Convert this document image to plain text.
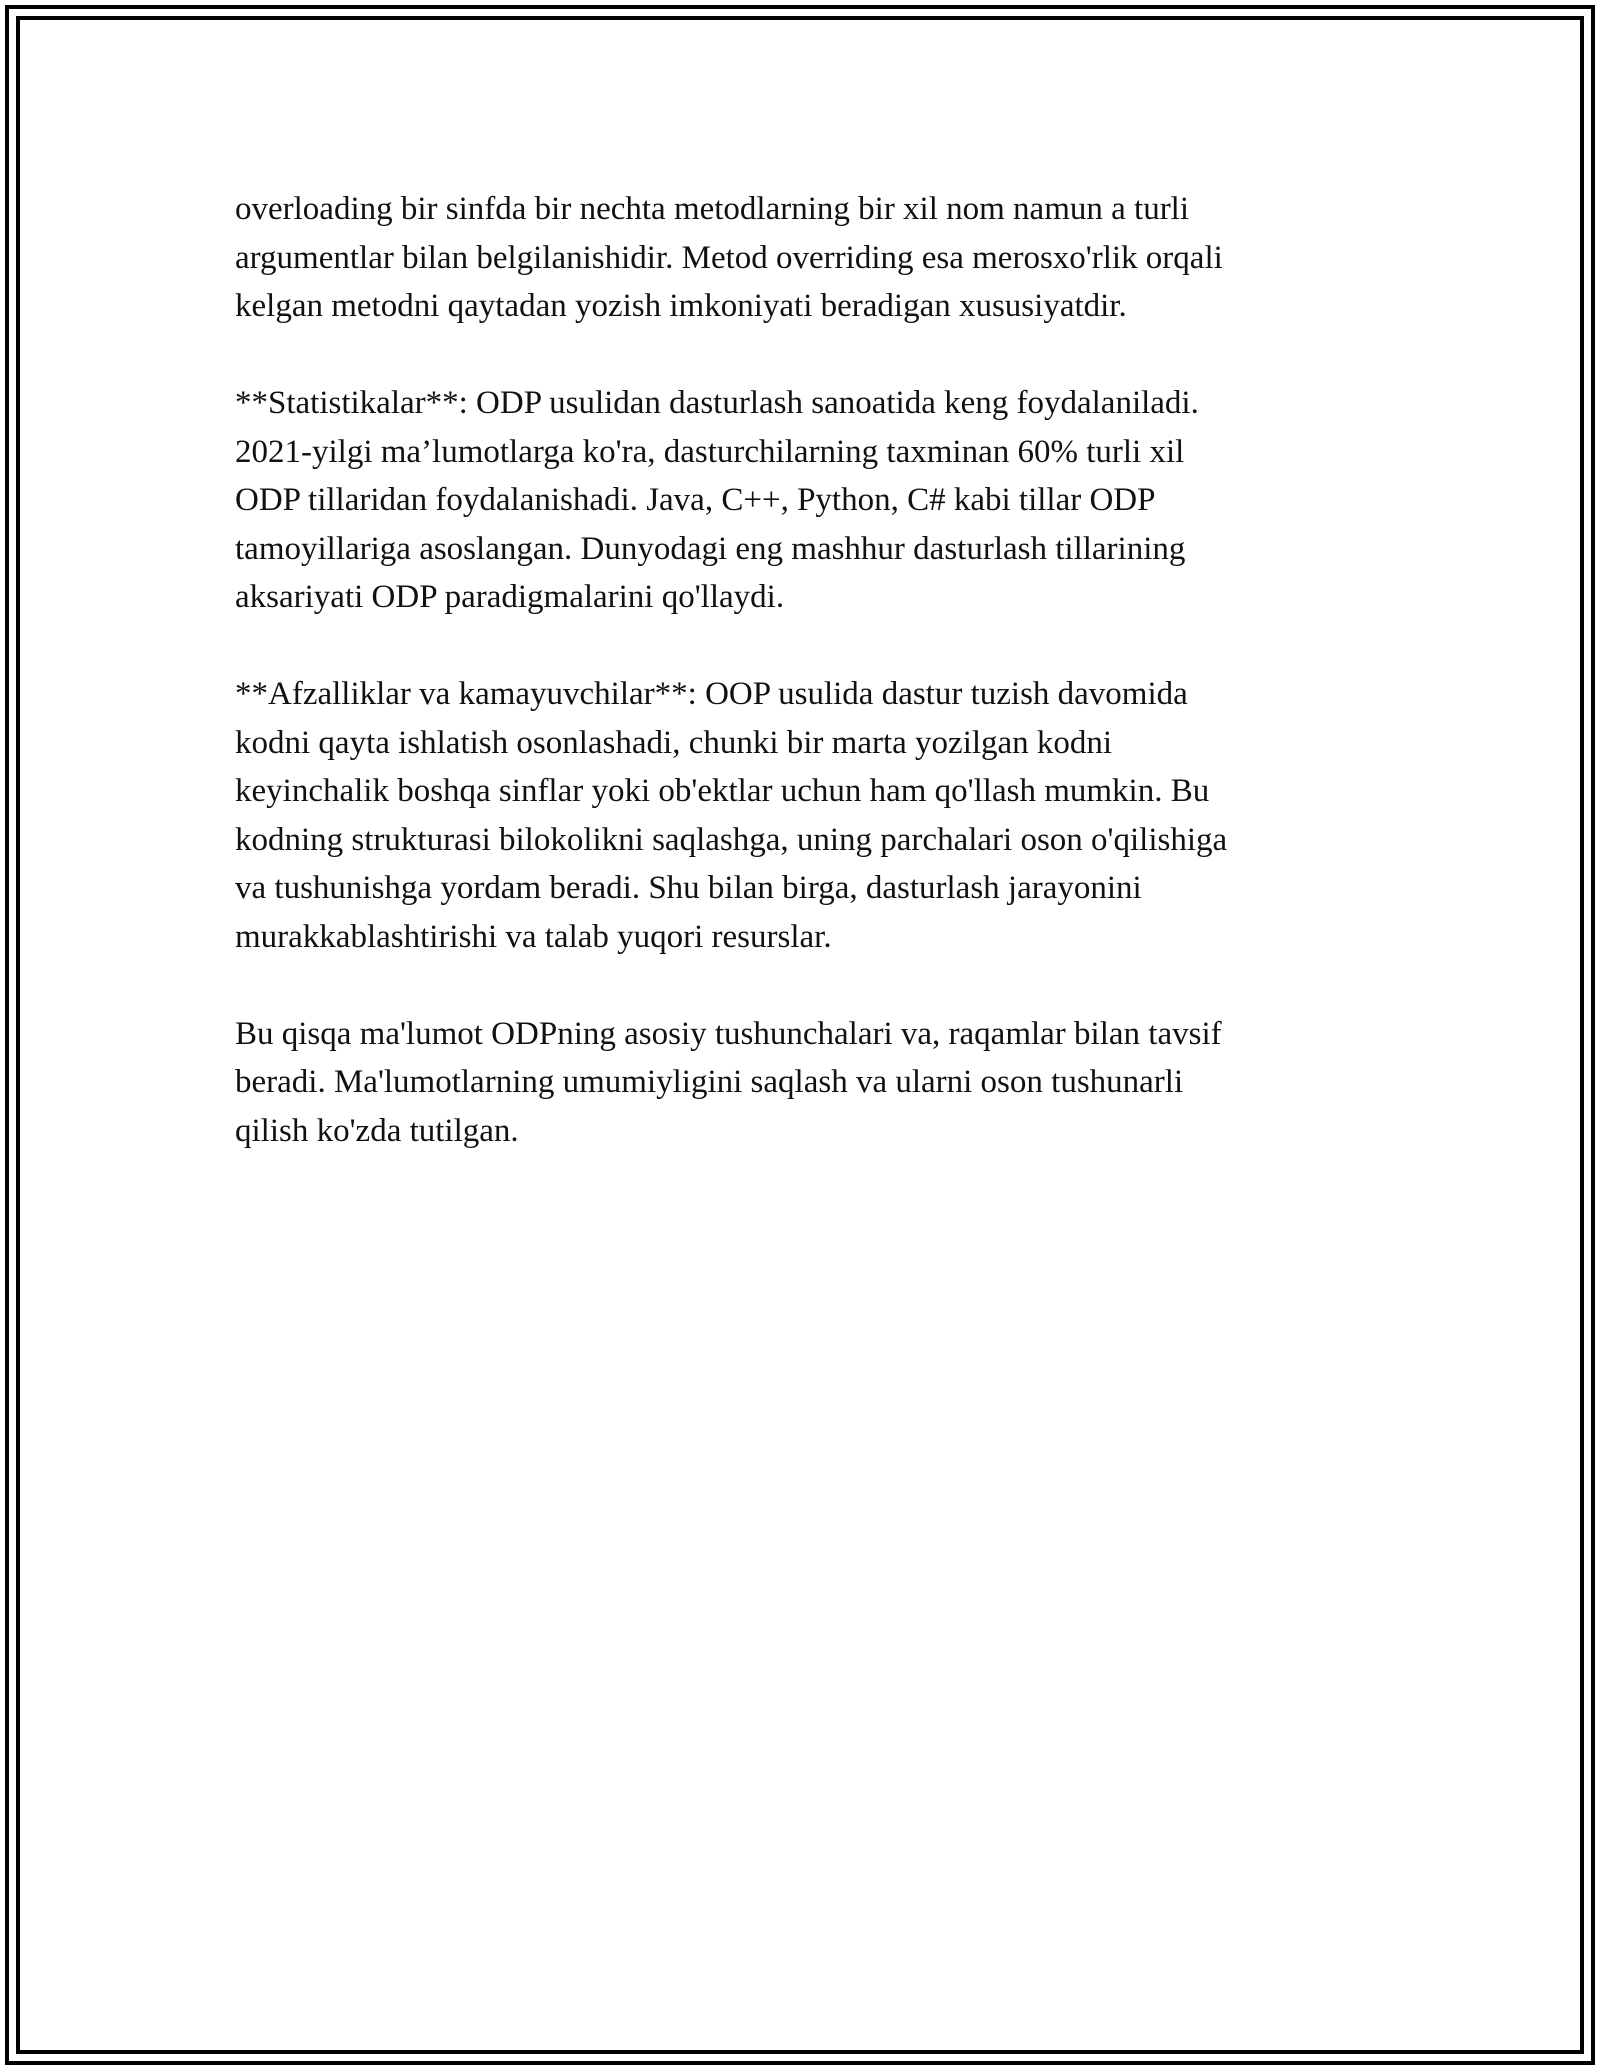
overloading bir sinfda bir nechta metodlarning bir xil nom namun a turli
argumentlar bilan belgilanishidir. Metod overriding esa merosxo'rlik orqali
kelgan metodni qaytadan yozish imkoniyati beradigan xususiyatdir.

**Statistikalar**: ODP usulidan dasturlash sanoatida keng foydalaniladi.
2021-yilgi ma’lumotlarga ko'ra, dasturchilarning taxminan 60% turli xil
ODP tillaridan foydalanishadi. Java, C++, Python, C# kabi tillar ODP
tamoyillariga asoslangan. Dunyodagi eng mashhur dasturlash tillarining
aksariyati ODP paradigmalarini qo'llaydi.

**Afzalliklar va kamayuvchilar**: OOP usulida dastur tuzish davomida
kodni qayta ishlatish osonlashadi, chunki bir marta yozilgan kodni
keyinchalik boshqa sinflar yoki ob'ektlar uchun ham qo'llash mumkin. Bu
kodning strukturasi bilokolikni saqlashga, uning parchalari oson o'qilishiga
va tushunishga yordam beradi. Shu bilan birga, dasturlash jarayonini
murakkablashtirishi va talab yuqori resurslar.

Bu qisqa ma'lumot ODPning asosiy tushunchalari va, raqamlar bilan tavsif
beradi. Ma'lumotlarning umumiyligini saqlash va ularni oson tushunarli
qilish ko'zda tutilgan.
